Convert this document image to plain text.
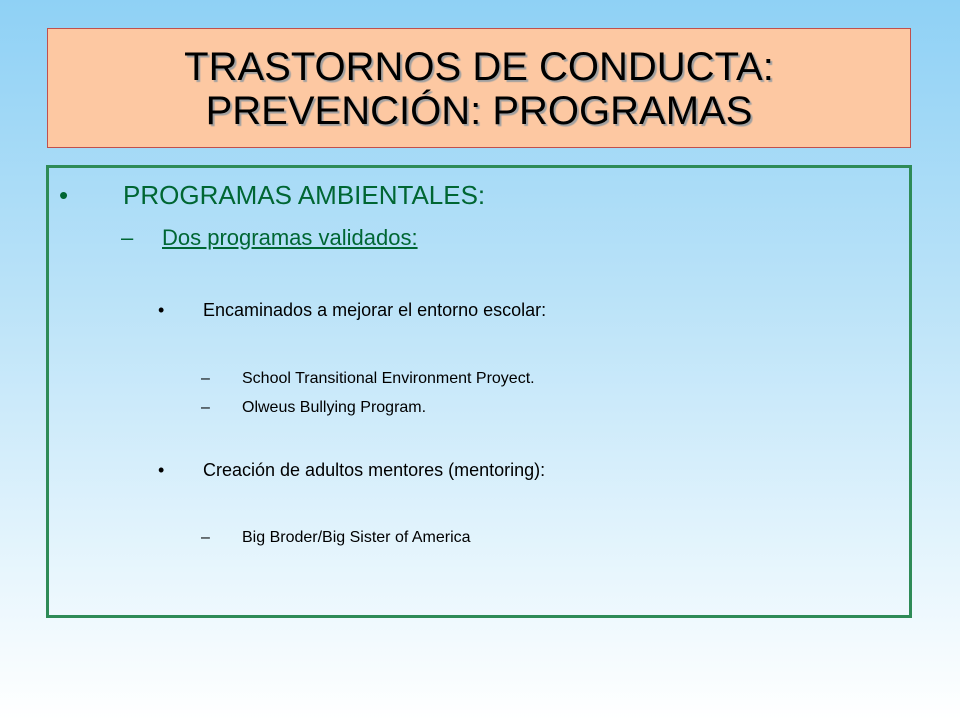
TRASTORNOS DE CONDUCTA:
PREVENCIÓN: PROGRAMAS
• PROGRAMAS AMBIENTALES:
– Dos programas validados:
• Encaminados a mejorar el entorno escolar:
– School Transitional Environment Proyect.
– Olweus Bullying Program.
• Creación de adultos mentores (mentoring):
– Big Broder/Big Sister of America
